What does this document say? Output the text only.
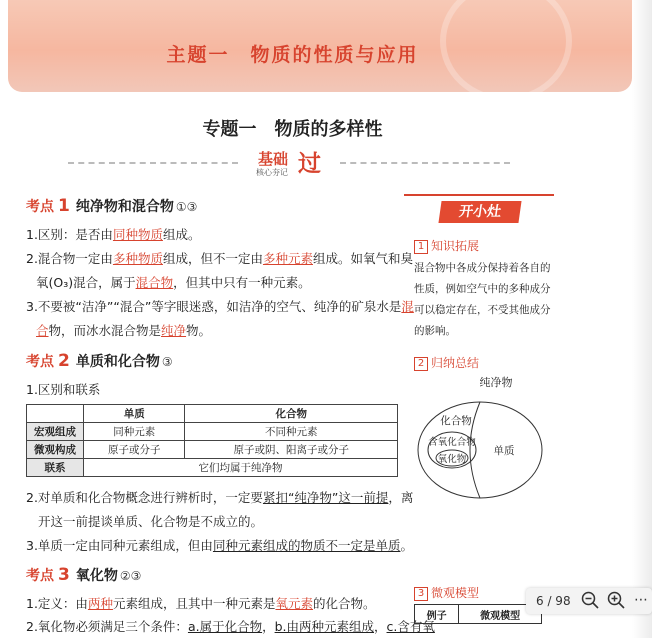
主题一　物质的性质与应用
专题一　物质的多样性
基础 过
核心夯记
考点 1 纯净物和混合物 ①③
1.区别：是否由同种物质组成。
2.混合物一定由多种物质组成，但不一定由多种元素组成。如氧气和臭
氧(O₃)混合，属于混合物，但其中只有一种元素。
3.不要被“洁净”“混合”等字眼迷惑，如洁净的空气、纯净的矿泉水是混
合物，而冰水混合物是纯净物。
考点 2 单质和化合物 ③
1.区别和联系
	单质	化合物
宏观组成	同种元素	不同种元素
微观构成	原子或分子	原子或阴、阳离子或分子
联系	它们均属于纯净物	
2.对单质和化合物概念进行辨析时，一定要紧扣“纯净物”这一前提，离
开这一前提谈单质、化合物是不成立的。
3.单质一定由同种元素组成，但由同种元素组成的物质不一定是单质。
考点 3 氧化物 ②③
1.定义：由两种元素组成，且其中一种元素是氧元素的化合物。
2.氧化物必须满足三个条件：a.属于化合物，b.由两种元素组成，c.含有氧
开小灶
1 知识拓展
混合物中各成分保持着各自的性质，例如空气中的多种成分可以稳定存在，不受其他成分的影响。
2 归纳总结
纯净物
化合物
含氧化合物
氧化物
单质
3 微观模型
例子	微观模型
6 / 98	⋯
